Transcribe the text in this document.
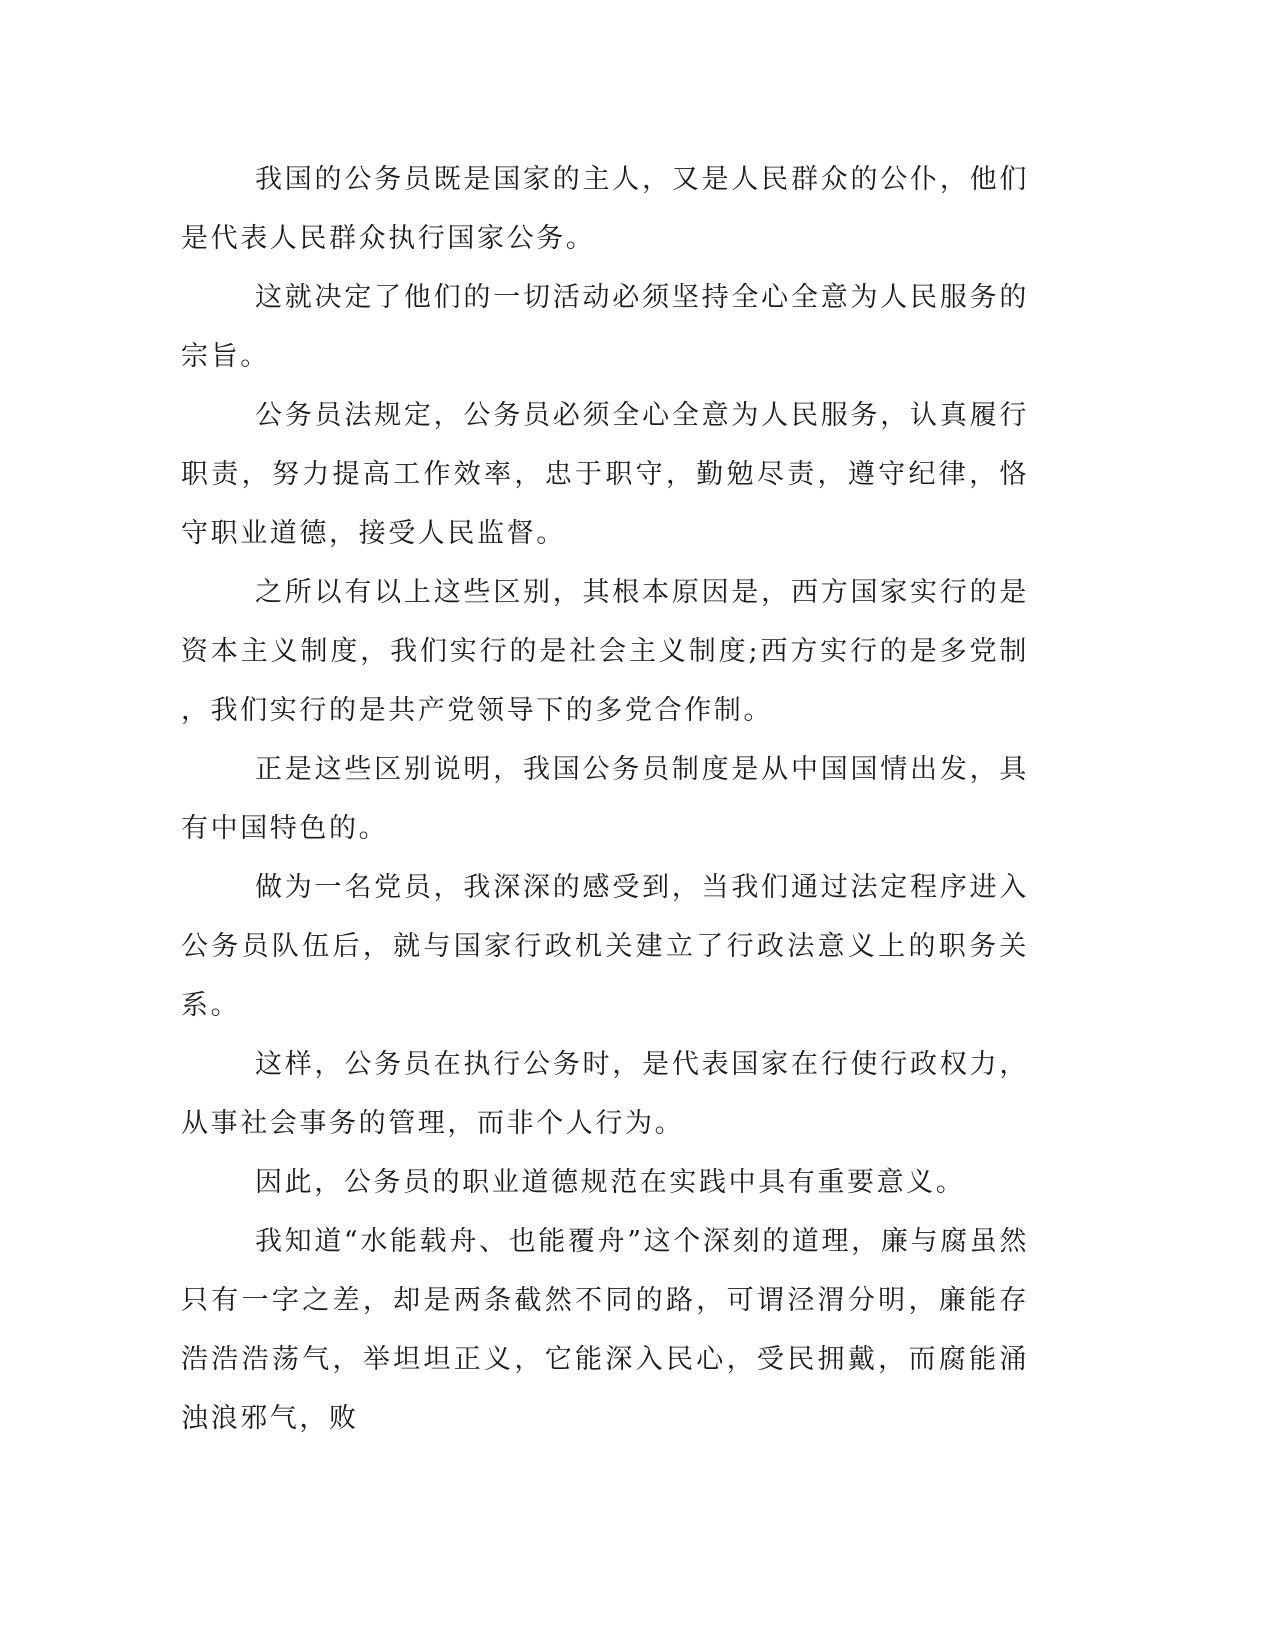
我国的公务员既是国家的主人，又是人民群众的公仆，他们是代表人民群众执行国家公务。

这就决定了他们的一切活动必须坚持全心全意为人民服务的宗旨。

公务员法规定，公务员必须全心全意为人民服务，认真履行职责，努力提高工作效率，忠于职守，勤勉尽责，遵守纪律，恪守职业道德，接受人民监督。

之所以有以上这些区别，其根本原因是，西方国家实行的是资本主义制度，我们实行的是社会主义制度;西方实行的是多党制，我们实行的是共产党领导下的多党合作制。

正是这些区别说明，我国公务员制度是从中国国情出发，具有中国特色的。

做为一名党员，我深深的感受到，当我们通过法定程序进入公务员队伍后，就与国家行政机关建立了行政法意义上的职务关系。

这样，公务员在执行公务时，是代表国家在行使行政权力，从事社会事务的管理，而非个人行为。

因此，公务员的职业道德规范在实践中具有重要意义。

我知道“水能载舟、也能覆舟”这个深刻的道理，廉与腐虽然只有一字之差，却是两条截然不同的路，可谓泾渭分明，廉能存浩浩浩荡气，举坦坦正义，它能深入民心，受民拥戴，而腐能涌浊浪邪气，败
